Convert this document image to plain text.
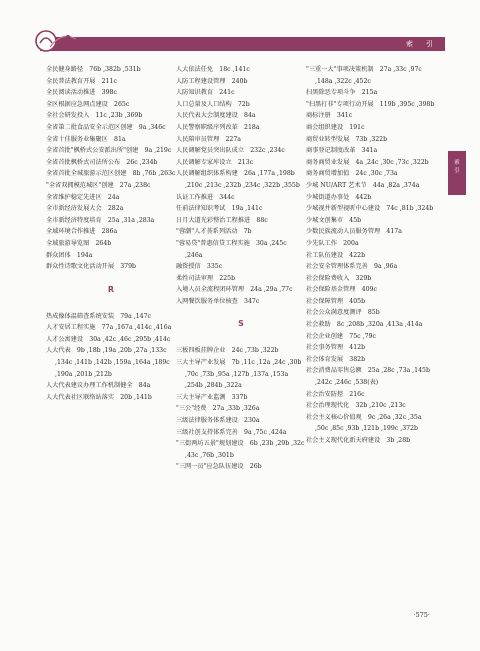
索　引
索
引

全民健身路径　76b ,382b ,531b

全民普法教育开展　211c

全民阅读活动推进　398c

全区根据应急网点建设　265c

全社会研发投入　11c ,23b ,369b

全省第二批食品安全示范区创建　9a ,346c

全省十佳服务业集聚区　81a

全省首批"枫桥式公安派出所"创建　9a ,219c

全省首批枫桥式司法所公布　26c ,234b

全省首批全城旅游示范区创建　8b ,76b ,263c

"全省双拥模范城区"创建　27a ,238c

全省维护稳定先进区　24a

全市新经济发展大会　282a

全市新经济特度培育　25a ,31a ,283a

全域环境合作推进　286a

全域旅游导览图　264b

群众团体　194a

群众性诗歌文化活动开展　379b

R

热成像体温筛查系统安装　79a ,147c

人才安居工程实施　77a ,167a ,414c ,416a

人才公寓建设　30a ,42c ,46c ,295b ,414c

人大代表　9b ,18b ,19a ,20b ,27a ,133c ,134c ,141b ,142b ,159a ,164a ,189c ,190a ,201b ,212b

人大代表建议办理工作机制健全　84a

人大代表社区联络站落实　20b ,141b

人大依法任免　18c ,141c

人防工程建设管理　240b

人防知识教育　241c

人口总量及人口结构　72b

人民代表大会制度建设　84a

人民警察职级序列改革　218a

人民陪审员管理　227a

人民调解党员突出队成立　232c ,234c

人民调解专家库设立　213c

人民调解组织体系构建　26a ,177a ,198b ,210c ,213c ,232b ,234c ,322b ,355b

认证工作推进　344c

任前法律知识考试　19a ,141c

日月大道光彩整治工程推进　88c

"蓉潮"人才荟系列活动　7b

"蓉易贷"普惠信贷工程实施　30a ,245c ,246a

融资授信　335c

柔性司法审理　225b

入境人员全流程闭环管理　24a ,29a ,77c

入网餐饮服务单位核查　347c

S

三板四板挂牌企业　24c ,73b ,322b

三大主导产业发展　7b ,11c ,12a ,24c ,30b ,70c ,73b ,95a ,127b ,137a ,153a ,254b ,284b ,322a

三大主导产业监测　337b

"三公"经费　27a ,33b ,326a

三级法律服务体系建设　230a

三级社创支持体系完善　9a ,75c ,424a

"三街两坊五景"规划建设　6b ,23b ,29b ,32c ,43c ,76b ,301b

"三网一员"应急队伍建设　26b

"三重一大"事项决策机制　27a ,33c ,97c ,148a ,322c ,452c

扫黑除恶专项斗争　215a

"扫黑打非"专项行动开展　119b ,395c ,398b

商标注册　341c

商会组织建设　191c

商贸业转型发展　73b ,322b

商事登记制度改革　341a

商务商贸业发展　4a ,24c ,30c ,73c ,322b

商务商贸增加值　24c ,30c ,73a

少城 NU/ART 艺术节　44a ,82a ,374a

少城街道办事处　442b

少城视井新型视听中心建设　74c ,81b ,324b

少城文创集市　45b

少数民族流动人员服务管理　417a

少先队工作　200a

社工队伍建设　422b

社会安全管理体系完善　9a ,96a

社会保险费收入　329b

社会保险基金管理　409c

社会保障管理　405b

社会公众满意度测评　85b

社会救助　8c ,208b ,320a ,413a ,414a

社会企业创建　75c ,79c

社会事务管理　412b

社会体育发展　382b

社会消费品零售总额　25a ,28c ,73a ,145b ,242c ,246c ,538(表)

社会治安防控　216c

社会治理现代化　32b ,210c ,213c

社会主义核心价值观　9c ,26a ,32c ,35a ,50c ,85c ,93b ,121b ,199c ,372b

社会主义现代化新天府建设　3b ,28b

·575·
